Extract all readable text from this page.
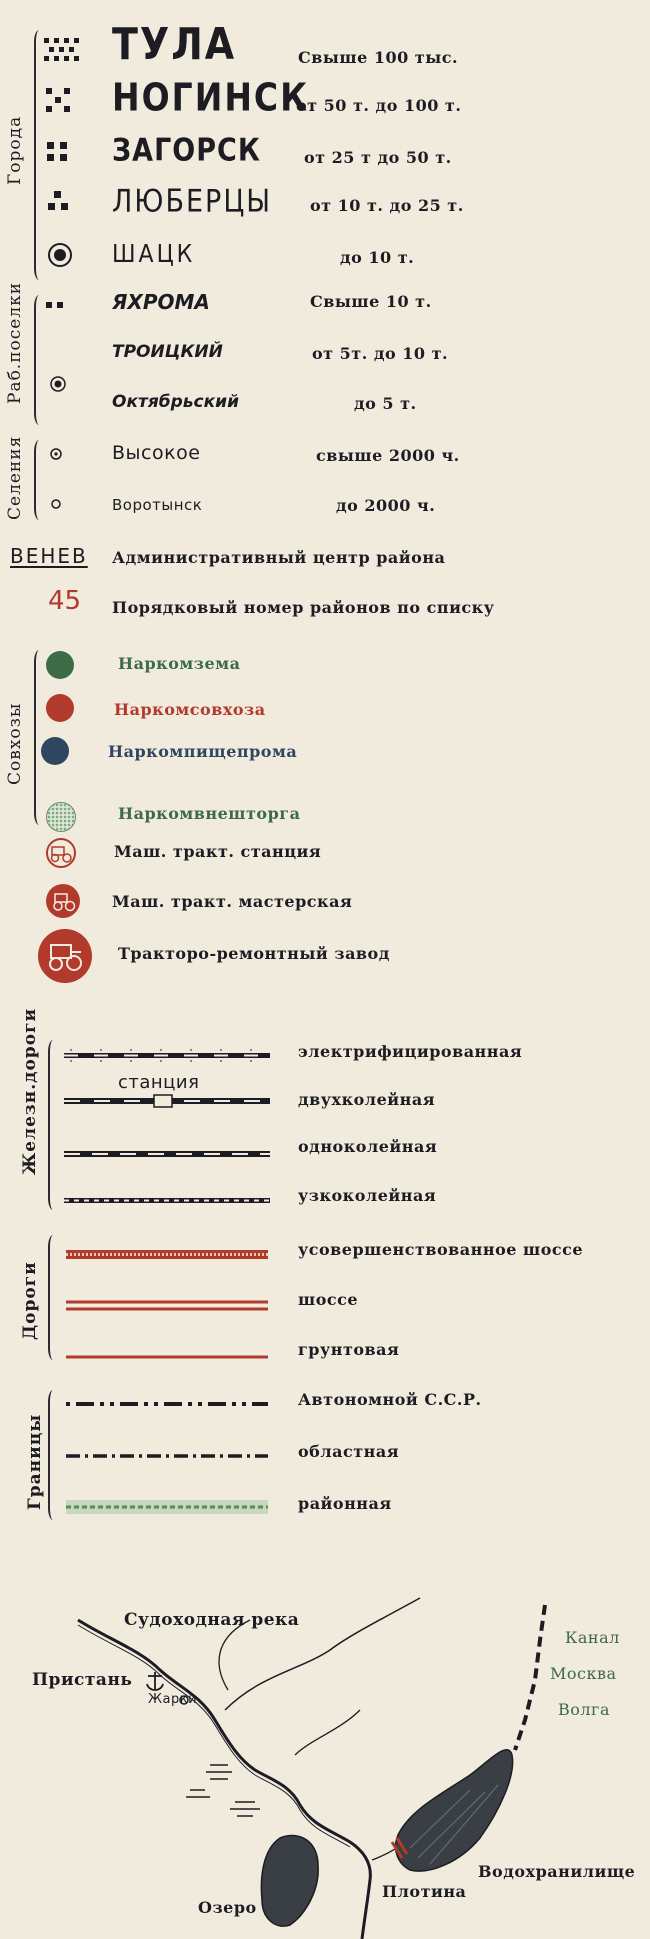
Города
Раб.поселки
Селения
Совхозы
Железн.дороги
Дороги
Границы
ТУЛА
НОГИНСК
ЗАГОРСК
ЛЮБЕРЦЫ
ШАЦК
Свыше 100 тыс.
от 50 т. до 100 т.
от 25 т до 50 т.
от 10 т. до 25 т.
до 10 т.
ЯХРОМА
ТРОИЦКИЙ
Октябрьский
Свыше 10 т.
от 5т. до 10 т.
до 5 т.
Высокое
Воротынск
свыше 2000 ч.
до 2000 ч.
ВЕНЕВ Административный центр района
45 Порядковый номер районов по списку
Наркомзема
Наркомсовхоза
Наркомпищепрома
Наркомвнешторга
Маш. тракт. станция
Маш. тракт. мастерская
Тракторо-ремонтный завод
станция
электрифицированная
двухколейная
одноколейная
узкоколейная
усовершенствованное шоссе
шоссе
грунтовая
Автономной С.С.Р.
областная
районная
Судоходная река
Пристань
Жарки
Канал
Москва
Волга
Озеро
Плотина
Водохранилище
